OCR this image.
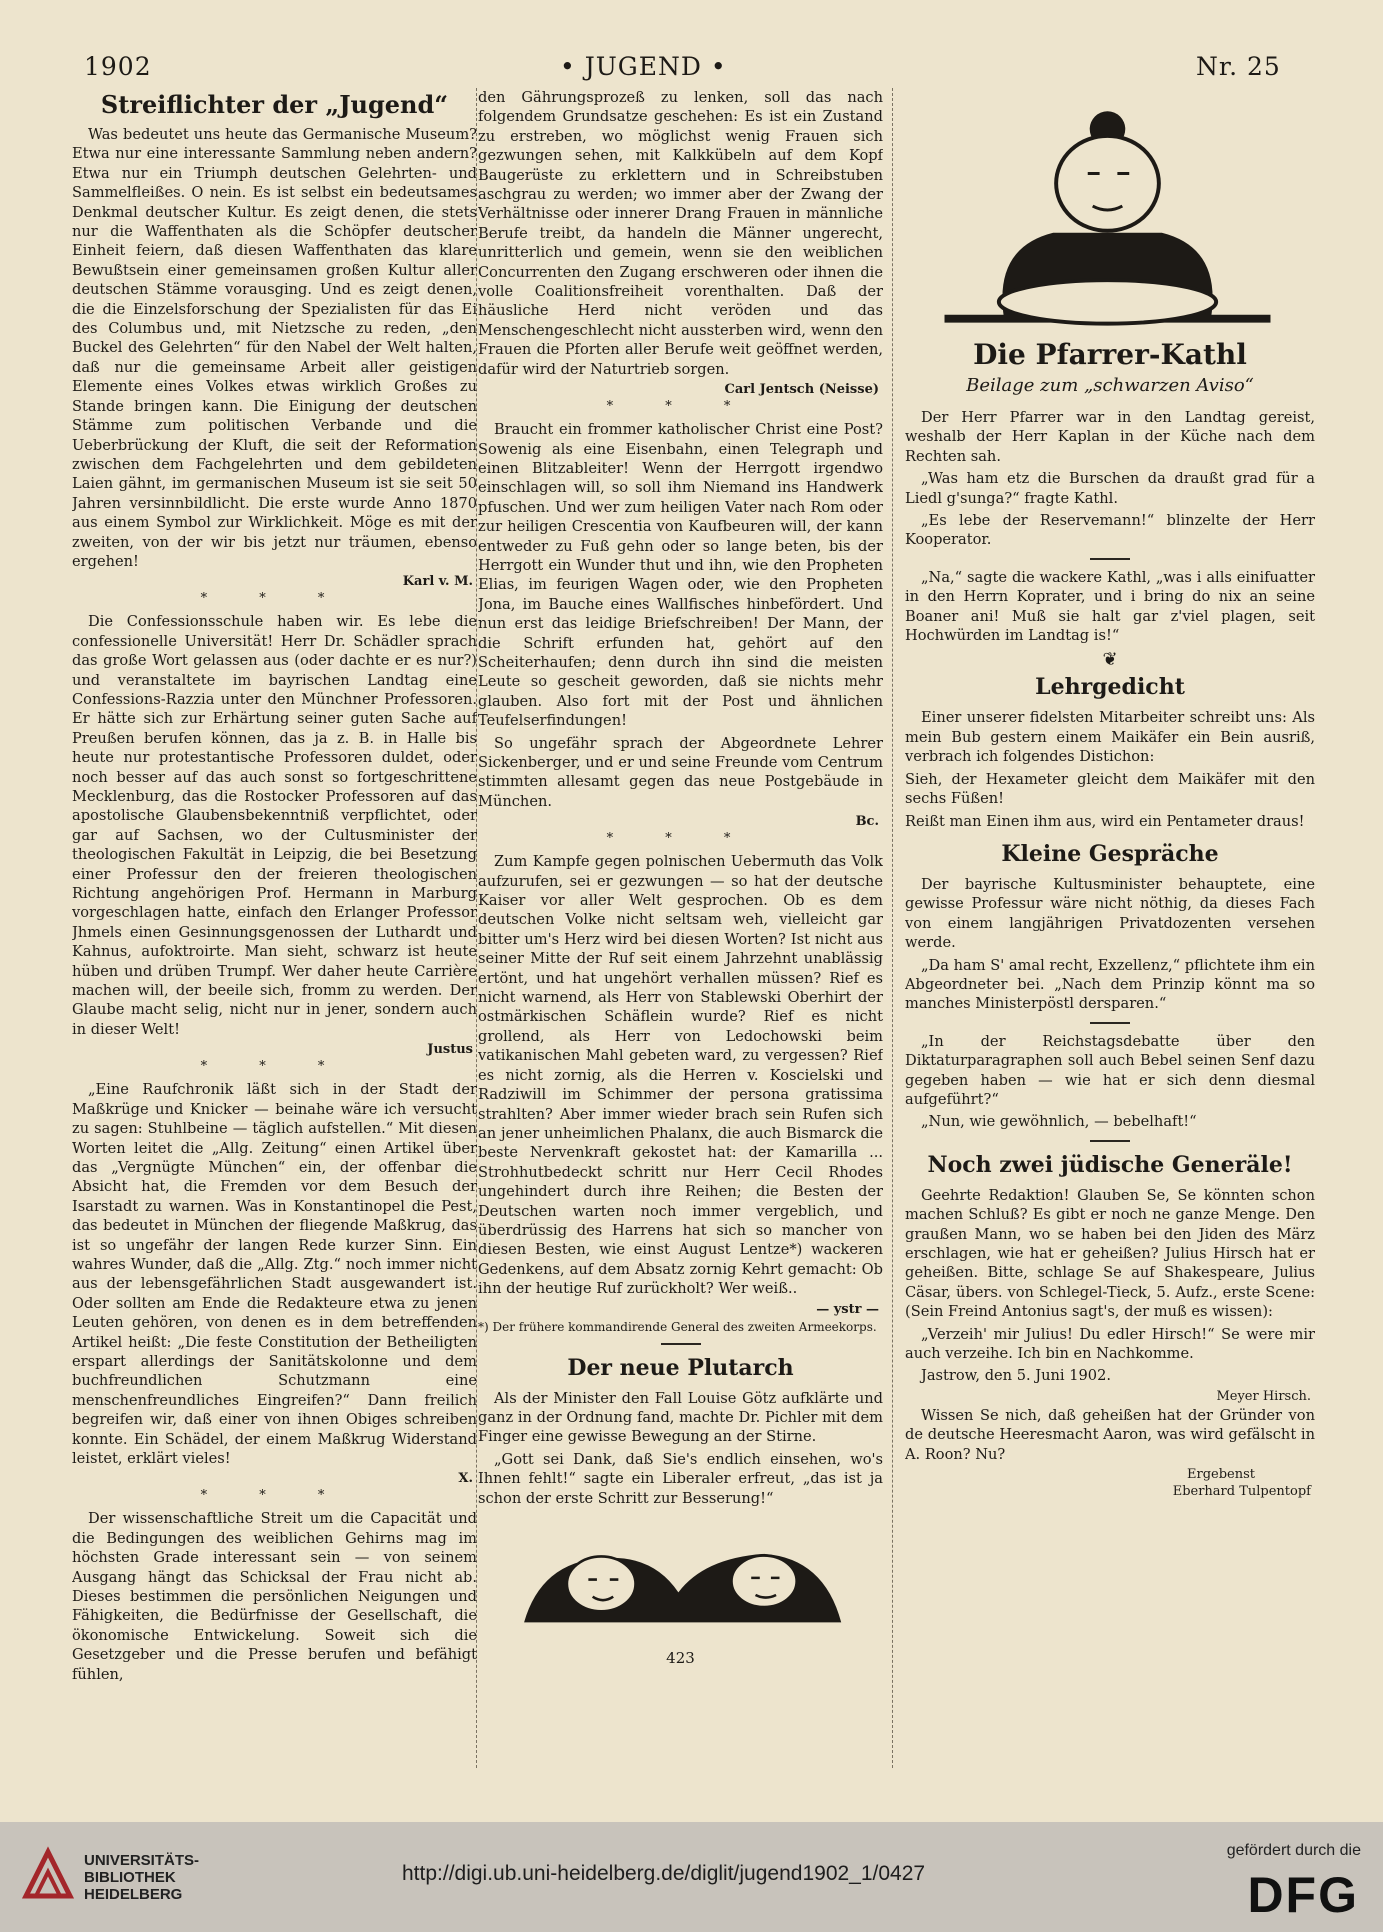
1902	• JUGEND •	Nr. 25
Streiflichter der „Jugend“

Was bedeutet uns heute das Germanische Museum? Etwa nur eine interessante Sammlung neben andern? Etwa nur ein Triumph deutschen Gelehrten- und Sammelfleißes. O nein. Es ist selbst ein bedeutsames Denkmal deutscher Kultur. Es zeigt denen, die stets nur die Waffenthaten als die Schöpfer deutscher Einheit feiern, daß diesen Waffenthaten das klare Bewußtsein einer gemeinsamen großen Kultur aller deutschen Stämme vorausging. Und es zeigt denen, die die Einzelsforschung der Spezialisten für das Ei des Columbus und, mit Nietzsche zu reden, „den Buckel des Gelehrten“ für den Nabel der Welt halten, daß nur die gemeinsame Arbeit aller geistigen Elemente eines Volkes etwas wirklich Großes zu Stande bringen kann. Die Einigung der deutschen Stämme zum politischen Verbande und die Ueberbrückung der Kluft, die seit der Reformation zwischen dem Fachgelehrten und dem gebildeten Laien gähnt, im germanischen Museum ist sie seit 50 Jahren versinnbildlicht. Die erste wurde Anno 1870 aus einem Symbol zur Wirklichkeit. Möge es mit der zweiten, von der wir bis jetzt nur träumen, ebenso ergehen!

Karl v. M.
* * *

Die Confessionsschule haben wir. Es lebe die confessionelle Universität! Herr Dr. Schädler sprach das große Wort gelassen aus (oder dachte er es nur?) und veranstaltete im bayrischen Landtag eine Confessions-Razzia unter den Münchner Professoren. Er hätte sich zur Erhärtung seiner guten Sache auf Preußen berufen können, das ja z. B. in Halle bis heute nur protestantische Professoren duldet, oder noch besser auf das auch sonst so fortgeschrittene Mecklenburg, das die Rostocker Professoren auf das apostolische Glaubensbekenntniß verpflichtet, oder gar auf Sachsen, wo der Cultusminister der theologischen Fakultät in Leipzig, die bei Besetzung einer Professur den der freieren theologischen Richtung angehörigen Prof. Hermann in Marburg vorgeschlagen hatte, einfach den Erlanger Professor Jhmels einen Gesinnungsgenossen der Luthardt und Kahnus, aufoktroirte. Man sieht, schwarz ist heute hüben und drüben Trumpf. Wer daher heute Carrière machen will, der beeile sich, fromm zu werden. Der Glaube macht selig, nicht nur in jener, sondern auch in dieser Welt!

Justus
* * *

„Eine Raufchronik läßt sich in der Stadt der Maßkrüge und Knicker — beinahe wäre ich versucht zu sagen: Stuhlbeine — täglich aufstellen.“ Mit diesen Worten leitet die „Allg. Zeitung“ einen Artikel über das „Vergnügte München“ ein, der offenbar die Absicht hat, die Fremden vor dem Besuch der Isarstadt zu warnen. Was in Konstantinopel die Pest, das bedeutet in München der fliegende Maßkrug, das ist so ungefähr der langen Rede kurzer Sinn. Ein wahres Wunder, daß die „Allg. Ztg.“ noch immer nicht aus der lebensgefährlichen Stadt ausgewandert ist. Oder sollten am Ende die Redakteure etwa zu jenen Leuten gehören, von denen es in dem betreffenden Artikel heißt: „Die feste Constitution der Betheiligten erspart allerdings der Sanitätskolonne und dem buchfreundlichen Schutzmann eine menschenfreundliches Eingreifen?“ Dann freilich begreifen wir, daß einer von ihnen Obiges schreiben konnte. Ein Schädel, der einem Maßkrug Widerstand leistet, erklärt vieles!

X.
* * *

Der wissenschaftliche Streit um die Capacität und die Bedingungen des weiblichen Gehirns mag im höchsten Grade interessant sein — von seinem Ausgang hängt das Schicksal der Frau nicht ab. Dieses bestimmen die persönlichen Neigungen und Fähigkeiten, die Bedürfnisse der Gesellschaft, die ökonomische Entwickelung. Soweit sich die Gesetzgeber und die Presse berufen und befähigt fühlen,

den Gährungsprozeß zu lenken, soll das nach folgendem Grundsatze geschehen: Es ist ein Zustand zu erstreben, wo möglichst wenig Frauen sich gezwungen sehen, mit Kalkkübeln auf dem Kopf Baugerüste zu erklettern und in Schreibstuben aschgrau zu werden; wo immer aber der Zwang der Verhältnisse oder innerer Drang Frauen in männliche Berufe treibt, da handeln die Männer ungerecht, unritterlich und gemein, wenn sie den weiblichen Concurrenten den Zugang erschweren oder ihnen die volle Coalitionsfreiheit vorenthalten. Daß der häusliche Herd nicht veröden und das Menschengeschlecht nicht aussterben wird, wenn den Frauen die Pforten aller Berufe weit geöffnet werden, dafür wird der Naturtrieb sorgen.

Carl Jentsch (Neisse)
* * *

Braucht ein frommer katholischer Christ eine Post? Sowenig als eine Eisenbahn, einen Telegraph und einen Blitzableiter! Wenn der Herrgott irgendwo einschlagen will, so soll ihm Niemand ins Handwerk pfuschen. Und wer zum heiligen Vater nach Rom oder zur heiligen Crescentia von Kaufbeuren will, der kann entweder zu Fuß gehn oder so lange beten, bis der Herrgott ein Wunder thut und ihn, wie den Propheten Elias, im feurigen Wagen oder, wie den Propheten Jona, im Bauche eines Wallfisches hinbefördert. Und nun erst das leidige Briefschreiben! Der Mann, der die Schrift erfunden hat, gehört auf den Scheiterhaufen; denn durch ihn sind die meisten Leute so gescheit geworden, daß sie nichts mehr glauben. Also fort mit der Post und ähnlichen Teufelserfindungen!

So ungefähr sprach der Abgeordnete Lehrer Sickenberger, und er und seine Freunde vom Centrum stimmten allesamt gegen das neue Postgebäude in München.

Bc.
* * *

Zum Kampfe gegen polnischen Uebermuth das Volk aufzurufen, sei er gezwungen — so hat der deutsche Kaiser vor aller Welt gesprochen. Ob es dem deutschen Volke nicht seltsam weh, vielleicht gar bitter um's Herz wird bei diesen Worten? Ist nicht aus seiner Mitte der Ruf seit einem Jahrzehnt unablässig ertönt, und hat ungehört verhallen müssen? Rief es nicht warnend, als Herr von Stablewski Oberhirt der ostmärkischen Schäflein wurde? Rief es nicht grollend, als Herr von Ledochowski beim vatikanischen Mahl gebeten ward, zu vergessen? Rief es nicht zornig, als die Herren v. Koscielski und Radziwill im Schimmer der persona gratissima strahlten? Aber immer wieder brach sein Rufen sich an jener unheimlichen Phalanx, die auch Bismarck die beste Nervenkraft gekostet hat: der Kamarilla ... Strohhutbedeckt schritt nur Herr Cecil Rhodes ungehindert durch ihre Reihen; die Besten der Deutschen warten noch immer vergeblich, und überdrüssig des Harrens hat sich so mancher von diesen Besten, wie einst August Lentze*) wackeren Gedenkens, auf dem Absatz zornig Kehrt gemacht: Ob ihn der heutige Ruf zurückholt? Wer weiß..

— ystr —

*) Der frühere kommandirende General des zweiten Armeekorps.

Der neue Plutarch

Als der Minister den Fall Louise Götz aufklärte und ganz in der Ordnung fand, machte Dr. Pichler mit dem Finger eine gewisse Bewegung an der Stirne.

„Gott sei Dank, daß Sie's endlich einsehen, wo's Ihnen fehlt!“ sagte ein Liberaler erfreut, „das ist ja schon der erste Schritt zur Besserung!“

423
Die Pfarrer-Kathl
Beilage zum „schwarzen Aviso“

Der Herr Pfarrer war in den Landtag gereist, weshalb der Herr Kaplan in der Küche nach dem Rechten sah.

„Was ham etz die Burschen da draußt grad für a Liedl g'sunga?“ fragte Kathl.

„Es lebe der Reservemann!“ blinzelte der Herr Kooperator.

„Na,“ sagte die wackere Kathl, „was i alls einifuatter in den Herrn Koprater, und i bring do nix an seine Boaner ani! Muß sie halt gar z'viel plagen, seit Hochwürden im Landtag is!“

❦
Lehrgedicht

Einer unserer fidelsten Mitarbeiter schreibt uns: Als mein Bub gestern einem Maikäfer ein Bein ausriß, verbrach ich folgendes Distichon:

Sieh, der Hexameter gleicht dem Maikäfer mit den sechs Füßen!

Reißt man Einen ihm aus, wird ein Pentameter draus!

Kleine Gespräche

Der bayrische Kultusminister behauptete, eine gewisse Professur wäre nicht nöthig, da dieses Fach von einem langjährigen Privatdozenten versehen werde.

„Da ham S' amal recht, Exzellenz,“ pflichtete ihm ein Abgeordneter bei. „Nach dem Prinzip könnt ma so manches Ministerpöstl dersparen.“

„In der Reichstagsdebatte über den Diktaturparagraphen soll auch Bebel seinen Senf dazu gegeben haben — wie hat er sich denn diesmal aufgeführt?“

„Nun, wie gewöhnlich, — bebelhaft!“

Noch zwei jüdische Generäle!

Geehrte Redaktion! Glauben Se, Se könnten schon machen Schluß? Es gibt er noch ne ganze Menge. Den graußen Mann, wo se haben bei den Jiden des März erschlagen, wie hat er geheißen? Julius Hirsch hat er geheißen. Bitte, schlage Se auf Shakespeare, Julius Cäsar, übers. von Schlegel-Tieck, 5. Aufz., erste Scene: (Sein Freind Antonius sagt's, der muß es wissen):

„Verzeih' mir Julius! Du edler Hirsch!“ Se were mir auch verzeihe. Ich bin en Nachkomme.

Jastrow, den 5. Juni 1902.

Meyer Hirsch.

Wissen Se nich, daß geheißen hat der Gründer von de deutsche Heeresmacht Aaron, was wird gefälscht in A. Roon? Nu?

Ergebenst
Eberhard Tulpentopf
UNIVERSITÄTS-
BIBLIOTHEK
HEIDELBERG
http://digi.ub.uni-heidelberg.de/diglit/jugend1902_1/0427
gefördert durch die
DFG
